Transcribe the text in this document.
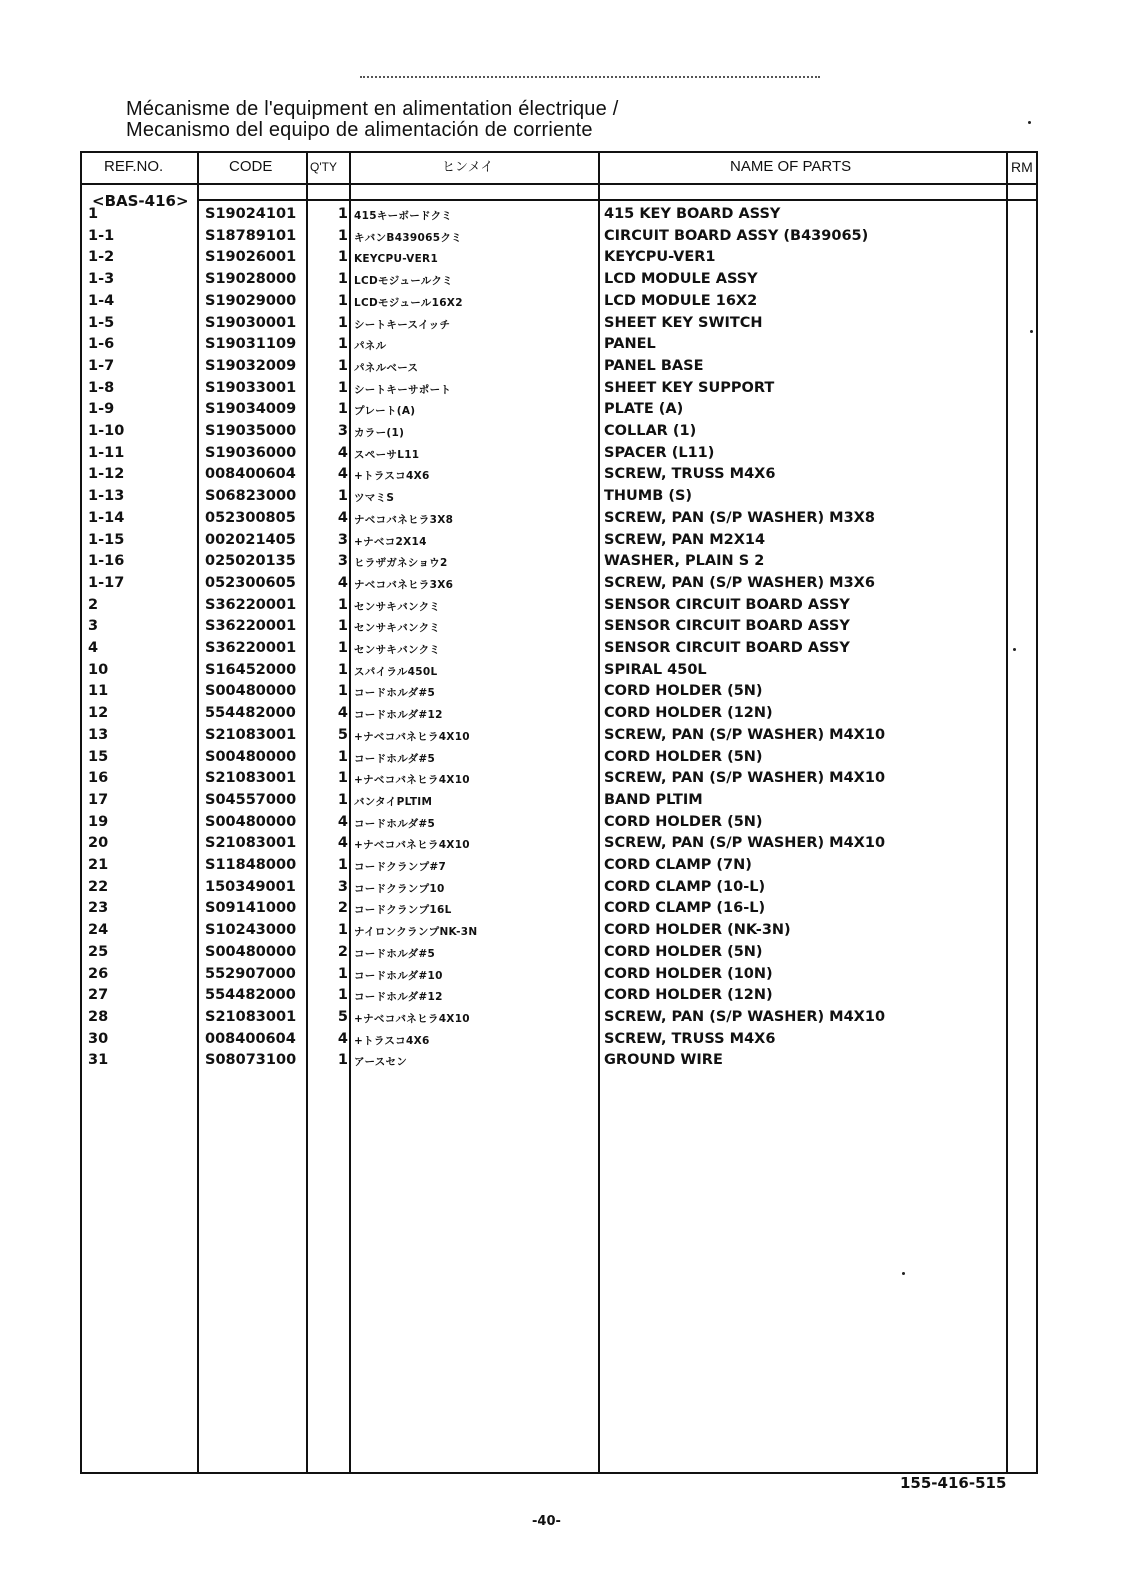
Mécanisme de l'equipment en alimentation électrique /
Mecanismo del equipo de alimentación de corriente
REF.NO.	CODE	Q'TY	ヒンメイ	NAME OF PARTS	RM
<BAS-416>
1	S19024101	1 415キーボードクミ	415 KEY BOARD ASSY
1-1	S18789101	1 キバンB439065クミ	CIRCUIT BOARD ASSY (B439065)
1-2	S19026001	1 KEYCPU-VER1	KEYCPU-VER1
1-3	S19028000	1 LCDモジュールクミ	LCD MODULE ASSY
1-4	S19029000	1 LCDモジュール16X2	LCD MODULE 16X2
1-5	S19030001	1 シートキースイッチ	SHEET KEY SWITCH
1-6	S19031109	1 パネル	PANEL
1-7	S19032009	1 パネルベース	PANEL BASE
1-8	S19033001	1 シートキーサポート	SHEET KEY SUPPORT
1-9	S19034009	1 プレート(A)	PLATE (A)
1-10	S19035000	3 カラー(1)	COLLAR (1)
1-11	S19036000	4 スペーサL11	SPACER (L11)
1-12	008400604	4 +トラスコ4X6	SCREW, TRUSS M4X6
1-13	S06823000	1 ツマミS	THUMB (S)
1-14	052300805	4 ナベコバネヒラ3X8	SCREW, PAN (S/P WASHER) M3X8
1-15	002021405	3 +ナベコ2X14	SCREW, PAN M2X14
1-16	025020135	3 ヒラザガネショウ2	WASHER, PLAIN S 2
1-17	052300605	4 ナベコバネヒラ3X6	SCREW, PAN (S/P WASHER) M3X6
2	S36220001	1 センサキバンクミ	SENSOR CIRCUIT BOARD ASSY
3	S36220001	1 センサキバンクミ	SENSOR CIRCUIT BOARD ASSY
4	S36220001	1 センサキバンクミ	SENSOR CIRCUIT BOARD ASSY
10	S16452000	1 スパイラル450L	SPIRAL 450L
11	S00480000	1 コードホルダ#5	CORD HOLDER (5N)
12	554482000	4 コードホルダ#12	CORD HOLDER (12N)
13	S21083001	5 +ナベコバネヒラ4X10	SCREW, PAN (S/P WASHER) M4X10
15	S00480000	1 コードホルダ#5	CORD HOLDER (5N)
16	S21083001	1 +ナベコバネヒラ4X10	SCREW, PAN (S/P WASHER) M4X10
17	S04557000	1 バンタイPLTIM	BAND PLTIM
19	S00480000	4 コードホルダ#5	CORD HOLDER (5N)
20	S21083001	4 +ナベコバネヒラ4X10	SCREW, PAN (S/P WASHER) M4X10
21	S11848000	1 コードクランプ#7	CORD CLAMP (7N)
22	150349001	3 コードクランプ10	CORD CLAMP (10-L)
23	S09141000	2 コードクランプ16L	CORD CLAMP (16-L)
24	S10243000	1 ナイロンクランプNK-3N	CORD HOLDER (NK-3N)
25	S00480000	2 コードホルダ#5	CORD HOLDER (5N)
26	552907000	1 コードホルダ#10	CORD HOLDER (10N)
27	554482000	1 コードホルダ#12	CORD HOLDER (12N)
28	S21083001	5 +ナベコバネヒラ4X10	SCREW, PAN (S/P WASHER) M4X10
30	008400604	4 +トラスコ4X6	SCREW, TRUSS M4X6
31	S08073100	1 アースセン	GROUND WIRE
155-416-515
-40-
